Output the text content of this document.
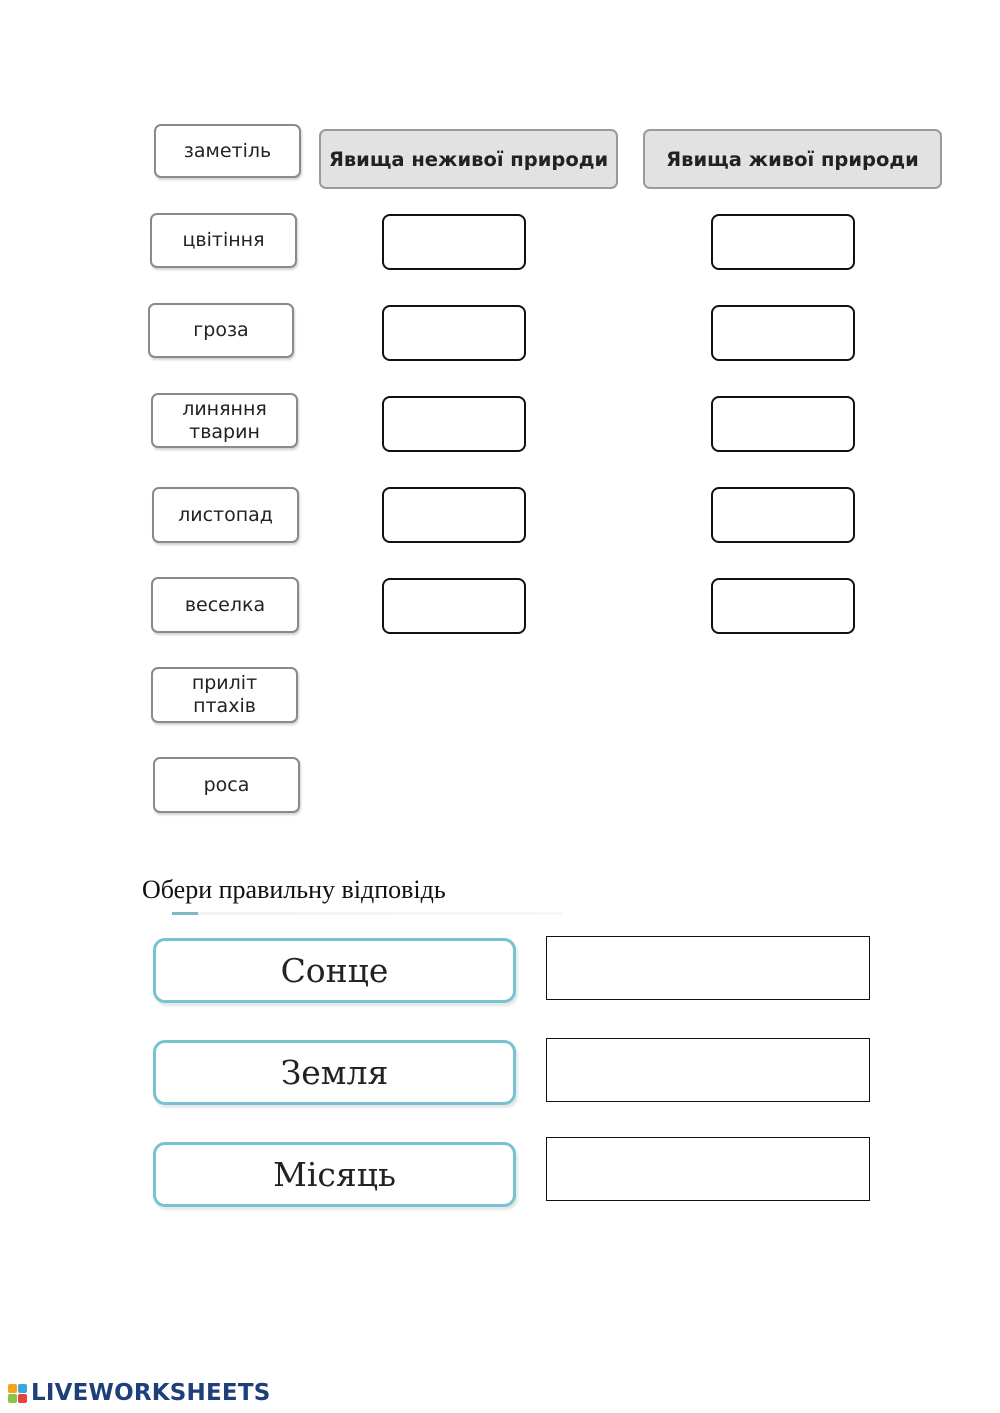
заметіль
цвітіння
гроза
линяння
тварин
листопад
веселка
приліт
птахів
роса
Явища неживої природи	Явища живої природи
Обери правильну відповідь
Сонце
Земля
Місяць
LIVEWORKSHEETS
